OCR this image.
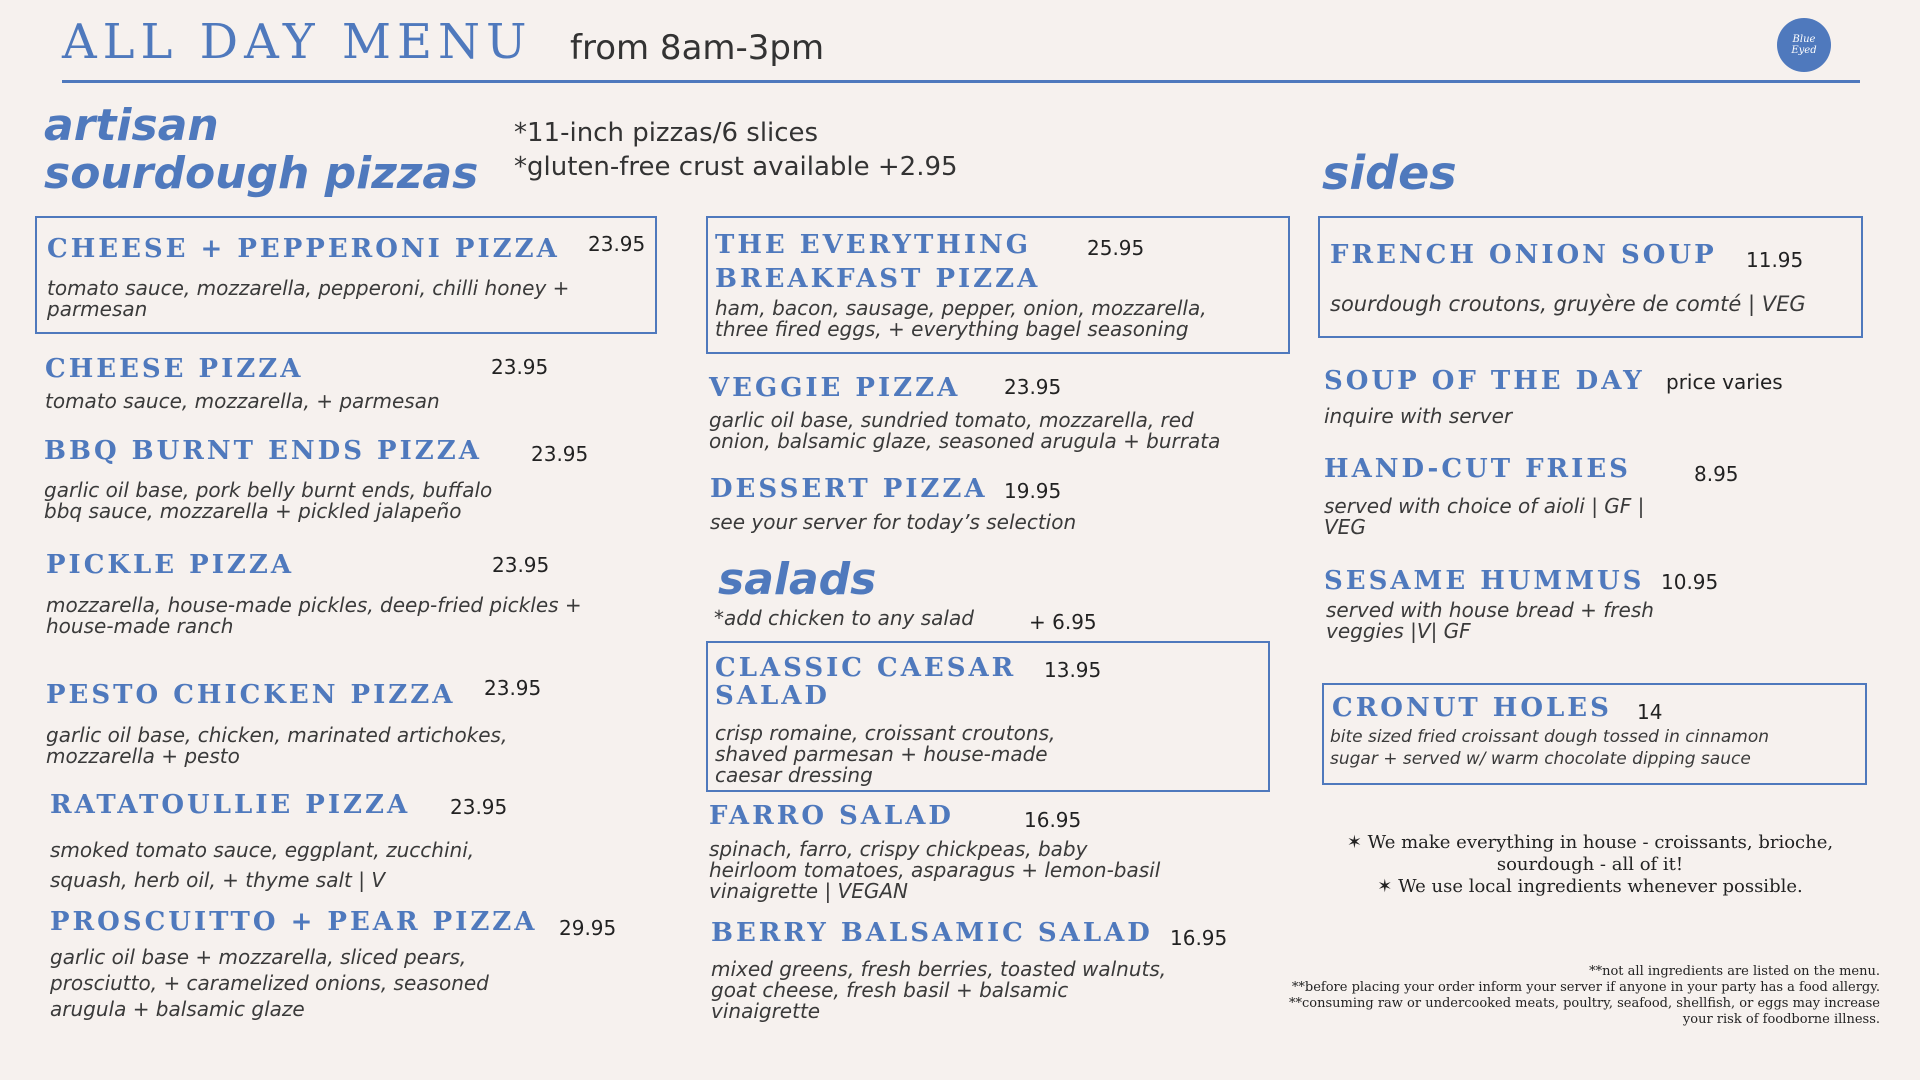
ALL DAY MENU from 8am-3pm	Blue Eyed
artisan
sourdough pizzas
*11-inch pizzas/6 slices
*gluten-free crust available +2.95
CHEESE + PEPPERONI PIZZA 23.95
tomato sauce, mozzarella, pepperoni, chilli honey +
parmesan
CHEESE PIZZA	23.95
tomato sauce, mozzarella, + parmesan
BBQ BURNT ENDS PIZZA 23.95
garlic oil base, pork belly burnt ends, buffalo
bbq sauce, mozzarella + pickled jalapeño
PICKLE PIZZA	23.95
mozzarella, house-made pickles, deep-fried pickles +
house-made ranch
PESTO CHICKEN PIZZA 23.95
garlic oil base, chicken, marinated artichokes,
mozzarella + pesto
RATATOULLIE PIZZA 23.95
smoked tomato sauce, eggplant, zucchini,
squash, herb oil, + thyme salt | V
PROSCUITTO + PEAR PIZZA 29.95
garlic oil base + mozzarella, sliced pears,
prosciutto, + caramelized onions, seasoned
arugula + balsamic glaze
THE EVERYTHING
BREAKFAST PIZZA
25.95
ham, bacon, sausage, pepper, onion, mozzarella,
three fired eggs, + everything bagel seasoning
VEGGIE PIZZA 23.95
garlic oil base, sundried tomato, mozzarella, red
onion, balsamic glaze, seasoned arugula + burrata
DESSERT PIZZA 19.95
see your server for today’s selection
salads
*add chicken to any salad	+ 6.95
CLASSIC CAESAR
SALAD
13.95
crisp romaine, croissant croutons,
shaved parmesan + house-made
caesar dressing
FARRO SALAD	16.95
spinach, farro, crispy chickpeas, baby
heirloom tomatoes, asparagus + lemon-basil
vinaigrette | VEGAN
BERRY BALSAMIC SALAD 16.95
mixed greens, fresh berries, toasted walnuts,
goat cheese, fresh basil + balsamic
vinaigrette
sides
FRENCH ONION SOUP 11.95
sourdough croutons, gruyère de comté | VEG
SOUP OF THE DAY price varies
inquire with server
HAND-CUT FRIES	8.95
served with choice of aioli | GF |
VEG
SESAME HUMMUS 10.95
served with house bread + fresh
veggies |V| GF
CRONUT HOLES 14
bite sized fried croissant dough tossed in cinnamon
sugar + served w/ warm chocolate dipping sauce
✶ We make everything in house - croissants, brioche,
sourdough - all of it!
✶ We use local ingredients whenever possible.
**not all ingredients are listed on the menu.
**before placing your order inform your server if anyone in your party has a food allergy.
**consuming raw or undercooked meats, poultry, seafood, shellfish, or eggs may increase
your risk of foodborne illness.
